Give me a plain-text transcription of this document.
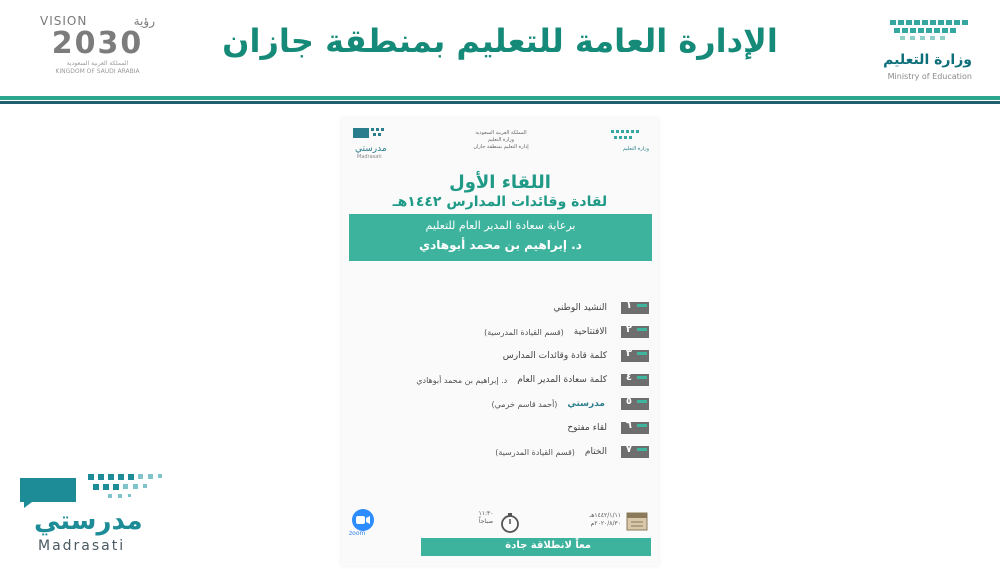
VISION	رؤية
2030
المملكة العربية السعودية
KINGDOM OF SAUDI ARABIA
الإدارة العامة للتعليم بمنطقة جازان	وزارة التعليم
Ministry of Education
مدرستي
Madrasati
المملكة العربية السعودية
وزارة التعليم
إدارة التعليم بمنطقة جازان	وزارة التعليم
اللقاء الأول
لقادة وقائدات المدارس ١٤٤٢هـ
برعاية سعادة المدير العام للتعليم
د. إبراهيم بن محمد أبوهادي
١
النشيد الوطني
٢
الافتتاحية
(قسم القيادة المدرسية)
٣
كلمة قادة وقائدات المدارس
٤
كلمة سعادة المدير العام
د. إبراهيم بن محمد أبوهادي
٥
مدرستي
(أحمد قاسم خرمي)
٦
لقاء مفتوح
٧
الختام
(قسم القيادة المدرسية)
zoom
١١:٣٠ صباحاً
١٤٤٢/١/١١هـ ٢٠٢٠/٨/٣٠م
معاً لانطلاقة جادة
مدرستي
Madrasati
